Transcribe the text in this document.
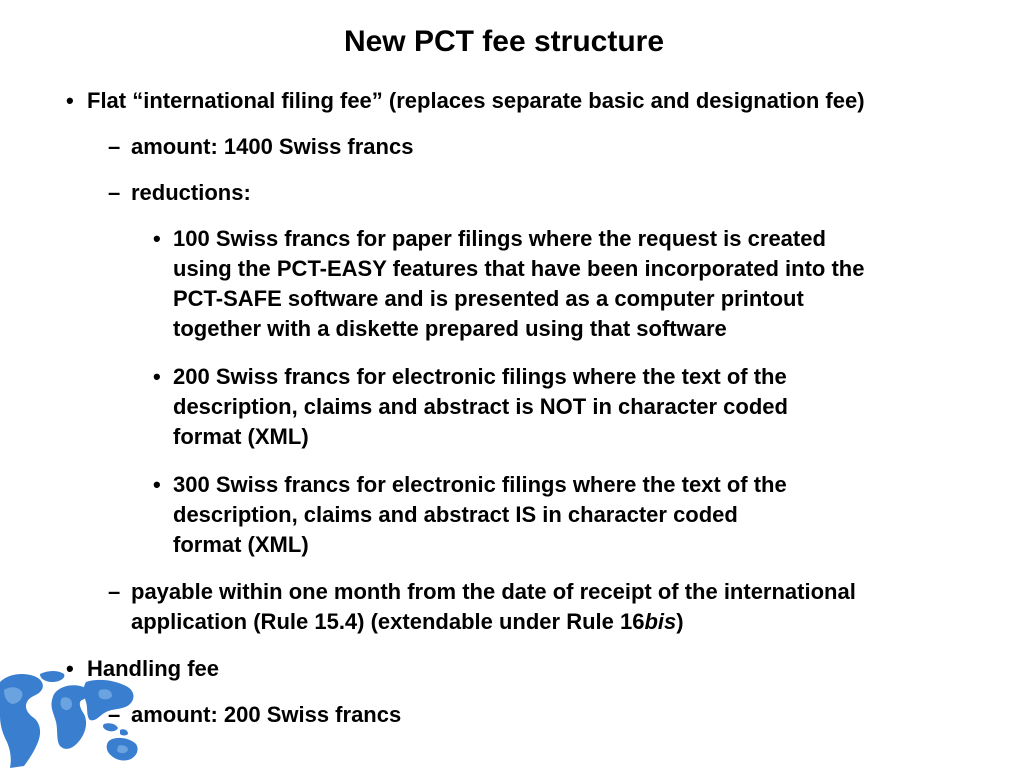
New PCT fee structure
• Flat “international filing fee” (replaces separate basic and designation fee)
– amount: 1400 Swiss francs
– reductions:
• 100 Swiss francs for paper filings where the request is created
using the PCT-EASY features that have been incorporated into the
PCT-SAFE software and is presented as a computer printout
together with a diskette prepared using that software
• 200 Swiss francs for electronic filings where the text of the
description, claims and abstract is NOT in character coded
format (XML)
• 300 Swiss francs for electronic filings where the text of the
description, claims and abstract IS in character coded
format (XML)
– payable within one month from the date of receipt of the international
application (Rule 15.4) (extendable under Rule 16bis)
• Handling fee
– amount: 200 Swiss francs
